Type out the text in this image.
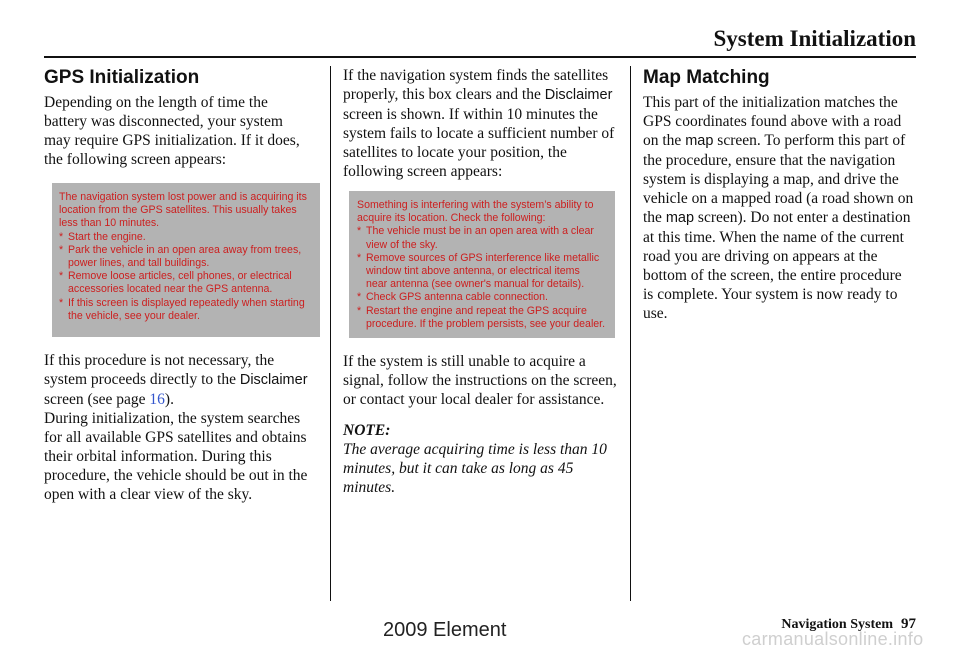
System Initialization
GPS Initialization

Depending on the length of time the battery was disconnected, your system may require GPS initialization. If it does, the following screen appears:

The navigation system lost power and is acquiring its
location from the GPS satellites. This usually takes
less than 10 minutes.
* Start the engine.
* Park the vehicle in an open area away from trees,
power lines, and tall buildings.
* Remove loose articles, cell phones, or electrical
accessories located near the GPS antenna.
* If this screen is displayed repeatedly when starting
the vehicle, see your dealer.

If this procedure is not necessary, the system proceeds directly to the Disclaimer screen (see page 16).

During initialization, the system searches for all available GPS satellites and obtains their orbital information. During this procedure, the vehicle should be out in the open with a clear view of the sky.

If the navigation system finds the satellites properly, this box clears and the Disclaimer screen is shown. If within 10 minutes the system fails to locate a sufficient number of satellites to locate your position, the following screen appears:

Something is interfering with the system’s ability to
acquire its location. Check the following:
* The vehicle must be in an open area with a clear
view of the sky.
* Remove sources of GPS interference like metallic
window tint above antenna, or electrical items
near antenna (see owner's manual for details).
* Check GPS antenna cable connection.
* Restart the engine and repeat the GPS acquire
procedure. If the problem persists, see your dealer.

If the system is still unable to acquire a signal, follow the instructions on the screen, or contact your local dealer for assistance.

NOTE:
The average acquiring time is less than 10 minutes, but it can take as long as 45 minutes.
Map Matching

This part of the initialization matches the GPS coordinates found above with a road on the map screen. To perform this part of the procedure, ensure that the navigation system is displaying a map, and drive the vehicle on a mapped road (a road shown on the map screen). Do not enter a destination at this time. When the name of the current road you are driving on appears at the bottom of the screen, the entire procedure is complete. Your system is now ready to use.

Navigation System 97
2009 Element	carmanualsonline.info
